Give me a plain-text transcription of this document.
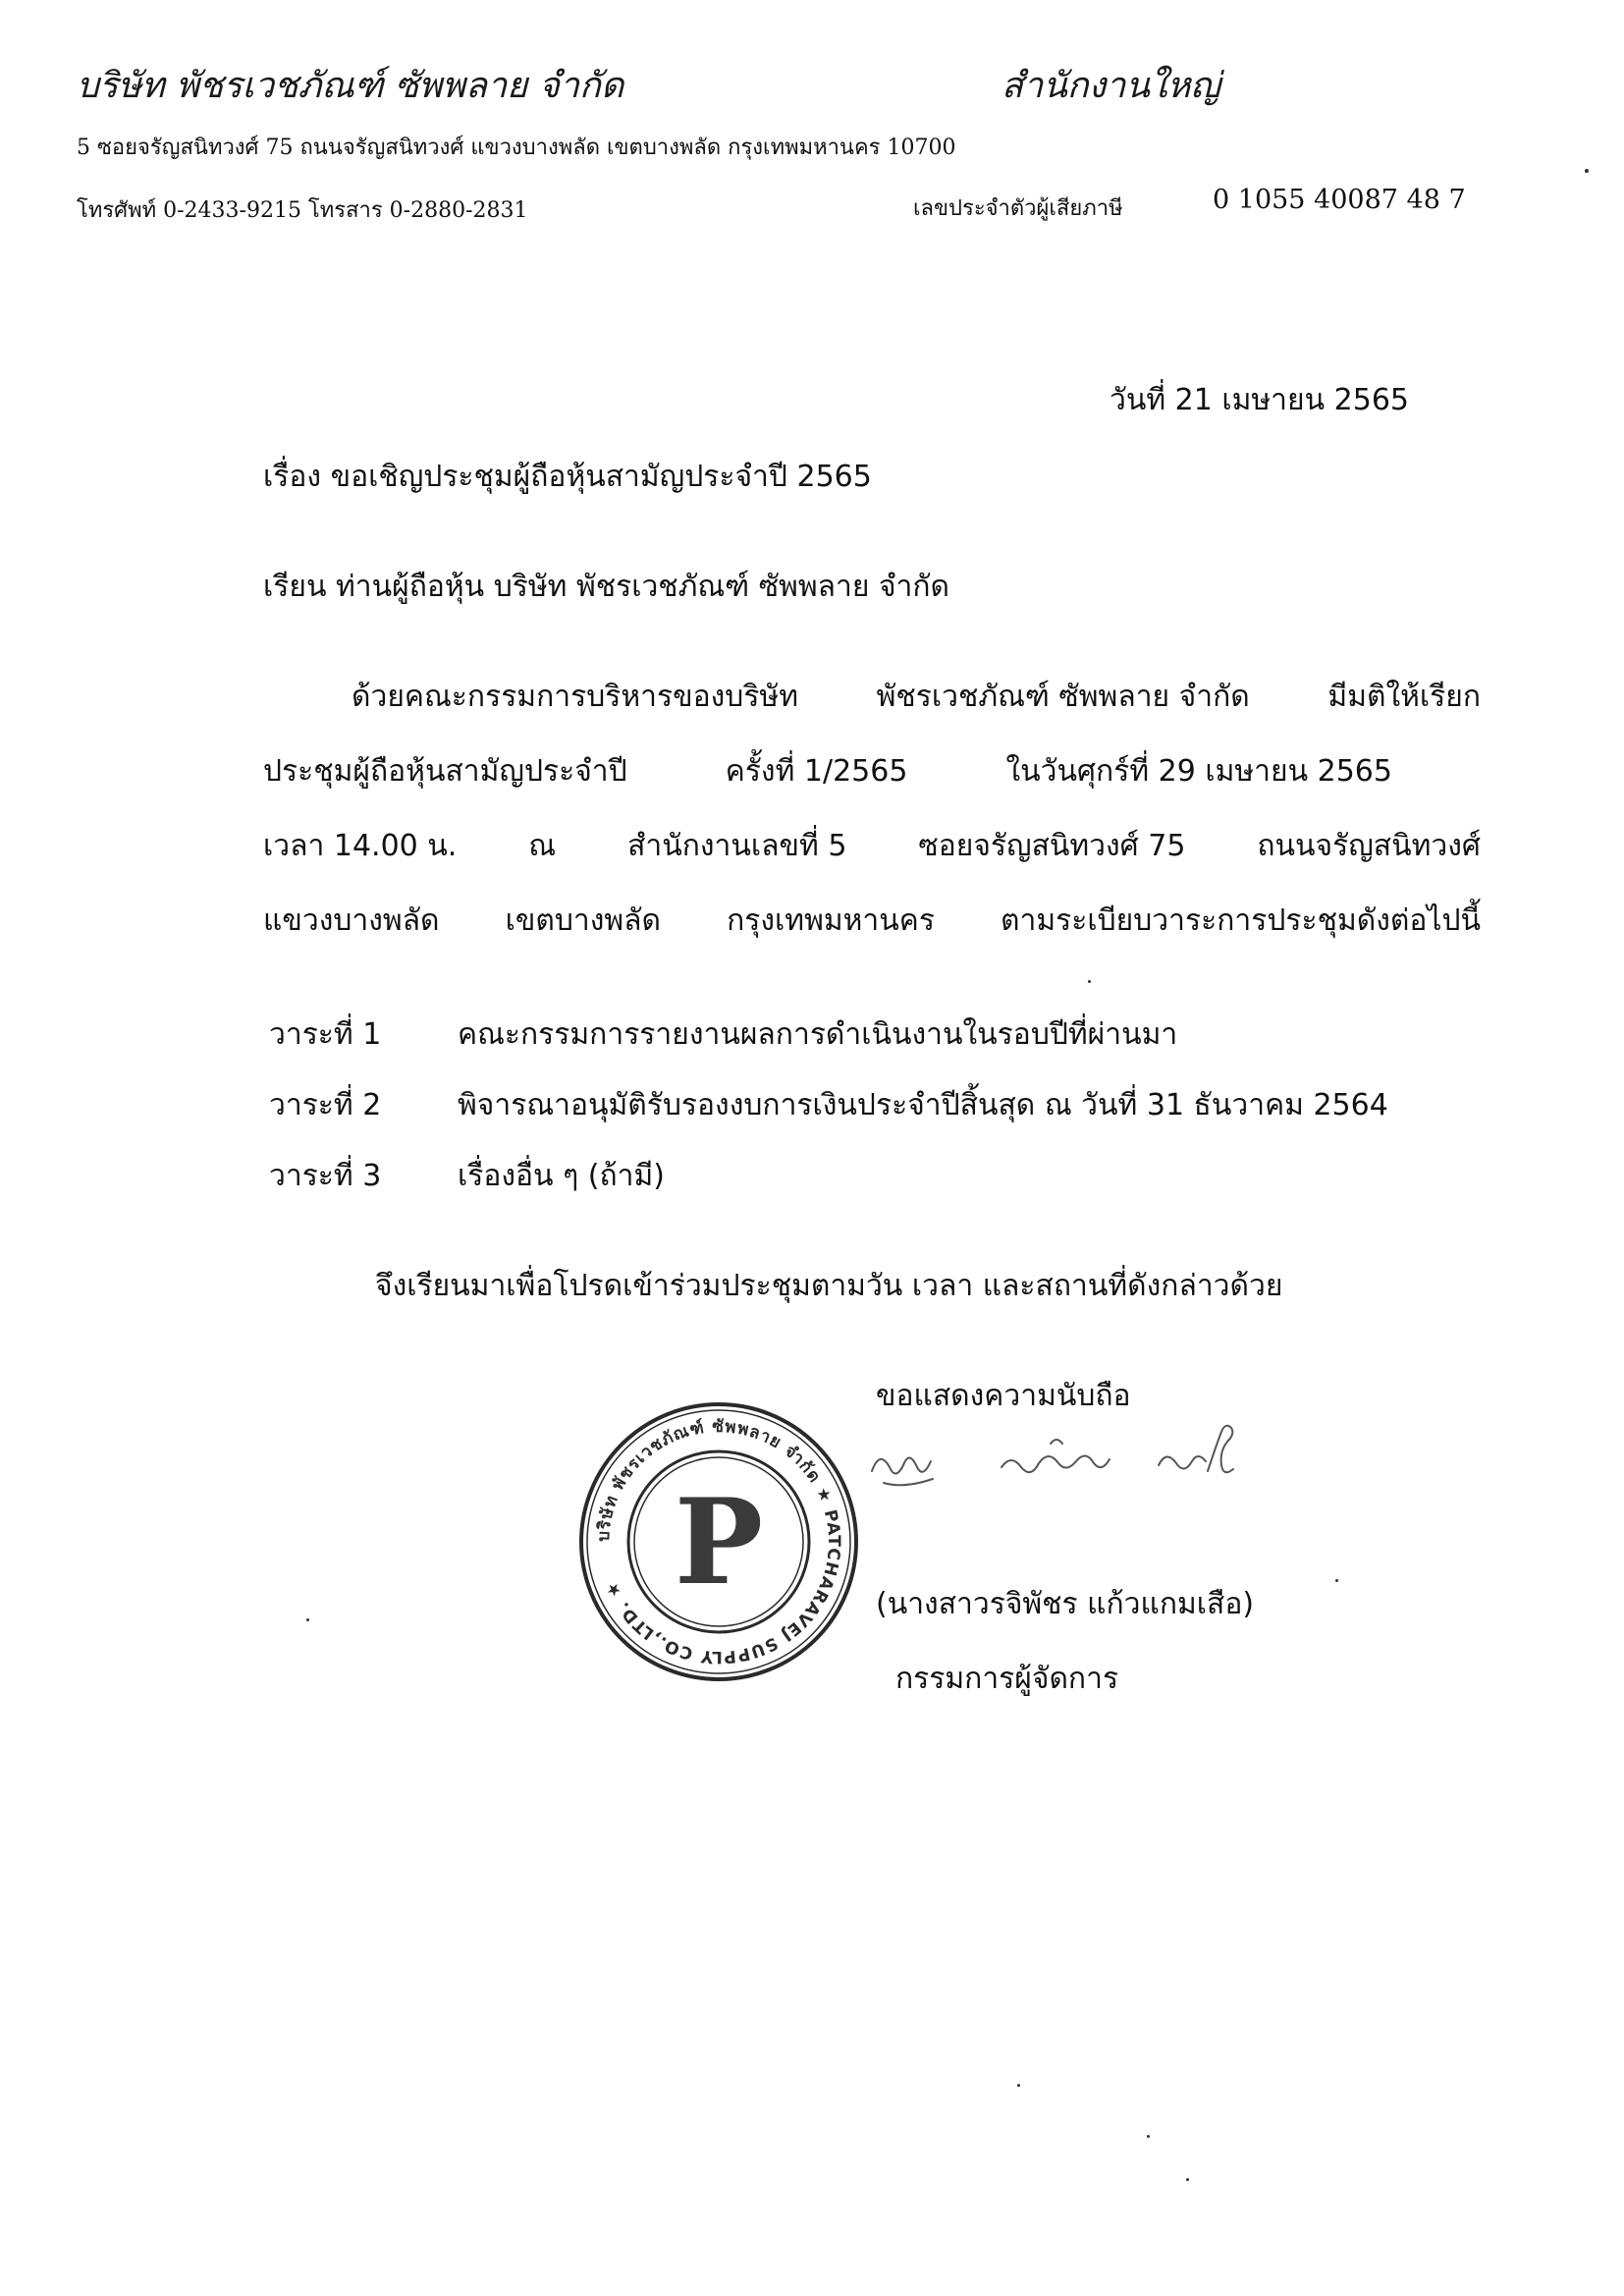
บริษัท พัชรเวชภัณฑ์ ซัพพลาย จำกัด	สำนักงานใหญ่
5 ซอยจรัญสนิทวงศ์ 75 ถนนจรัญสนิทวงศ์ แขวงบางพลัด เขตบางพลัด กรุงเทพมหานคร 10700
โทรศัพท์ 0-2433-9215 โทรสาร 0-2880-2831	เลขประจำตัวผู้เสียภาษี	0 1055 40087 48 7
วันที่ 21 เมษายน 2565
เรื่อง ขอเชิญประชุมผู้ถือหุ้นสามัญประจำปี 2565
เรียน ท่านผู้ถือหุ้น บริษัท พัชรเวชภัณฑ์ ซัพพลาย จำกัด
ด้วยคณะกรรมการบริหารของบริษัท	พัชรเวชภัณฑ์ ซัพพลาย จำกัด	มีมติให้เรียก
ประชุมผู้ถือหุ้นสามัญประจำปี	ครั้งที่ 1/2565	ในวันศุกร์ที่ 29 เมษายน 2565
เวลา 14.00 น. ณ สำนักงานเลขที่ 5 ซอยจรัญสนิทวงศ์ 75 ถนนจรัญสนิทวงศ์
แขวงบางพลัด เขตบางพลัด กรุงเทพมหานคร ตามระเบียบวาระการประชุมดังต่อไปนี้
วาระที่ 1	คณะกรรมการรายงานผลการดำเนินงานในรอบปีที่ผ่านมา
วาระที่ 2	พิจารณาอนุมัติรับรองงบการเงินประจำปีสิ้นสุด ณ วันที่ 31 ธันวาคม 2564
วาระที่ 3	เรื่องอื่น ๆ (ถ้ามี)
จึงเรียนมาเพื่อโปรดเข้าร่วมประชุมตามวัน เวลา และสถานที่ดังกล่าวด้วย
ขอแสดงความนับถือ
บริษัท พัชรเวชภัณฑ์ ซัพพลาย จำกัด ★ PATCHARAVEJ SUPPLY CO.,LTD. ★ P	(นางสาวรจิพัชร แก้วแกมเสือ)
กรรมการผู้จัดการ
